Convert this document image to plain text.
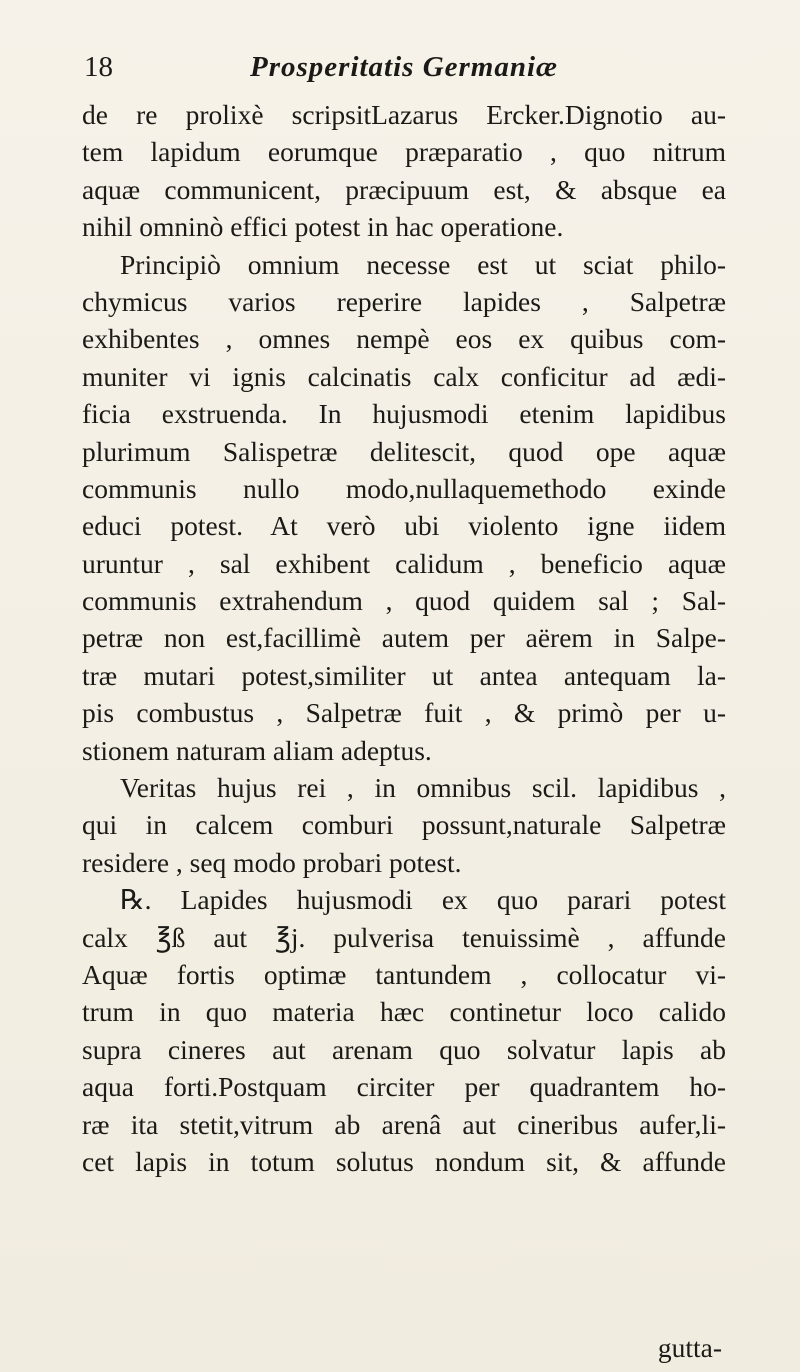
18	Prosperitatis Germaniæ
de re prolixè scripsitLazarus Ercker.Dignotio au-
tem lapidum eorumque præparatio , quo nitrum
aquæ communicent, præcipuum est, & absque ea
nihil omninò effici potest in hac operatione.
Principiò omnium necesse est ut sciat philo-
chymicus varios reperire lapides , Salpetræ
exhibentes , omnes nempè eos ex quibus com-
muniter vi ignis calcinatis calx conficitur ad ædi-
ficia exstruenda. In hujusmodi etenim lapidibus
plurimum Salispetræ delitescit, quod ope aquæ
communis nullo modo,nullaquemethodo exinde
educi potest. At verò ubi violento igne iidem
uruntur , sal exhibent calidum , beneficio aquæ
communis extrahendum , quod quidem sal ; Sal-
petræ non est,facillimè autem per aërem in Salpe-
træ mutari potest,similiter ut antea antequam la-
pis combustus , Salpetræ fuit , & primò per u-
stionem naturam aliam adeptus.
Veritas hujus rei , in omnibus scil. lapidibus ,
qui in calcem comburi possunt,naturale Salpetræ
residere , seq modo probari potest.
℞. Lapides hujusmodi ex quo parari potest
calx ℥ß aut ℥j. pulverisa tenuissimè , affunde
Aquæ fortis optimæ tantundem , collocatur vi-
trum in quo materia hæc continetur loco calido
supra cineres aut arenam quo solvatur lapis ab
aqua forti.Postquam circiter per quadrantem ho-
ræ ita stetit,vitrum ab arenâ aut cineribus aufer,li-
cet lapis in totum solutus nondum sit, & affunde
gutta-
